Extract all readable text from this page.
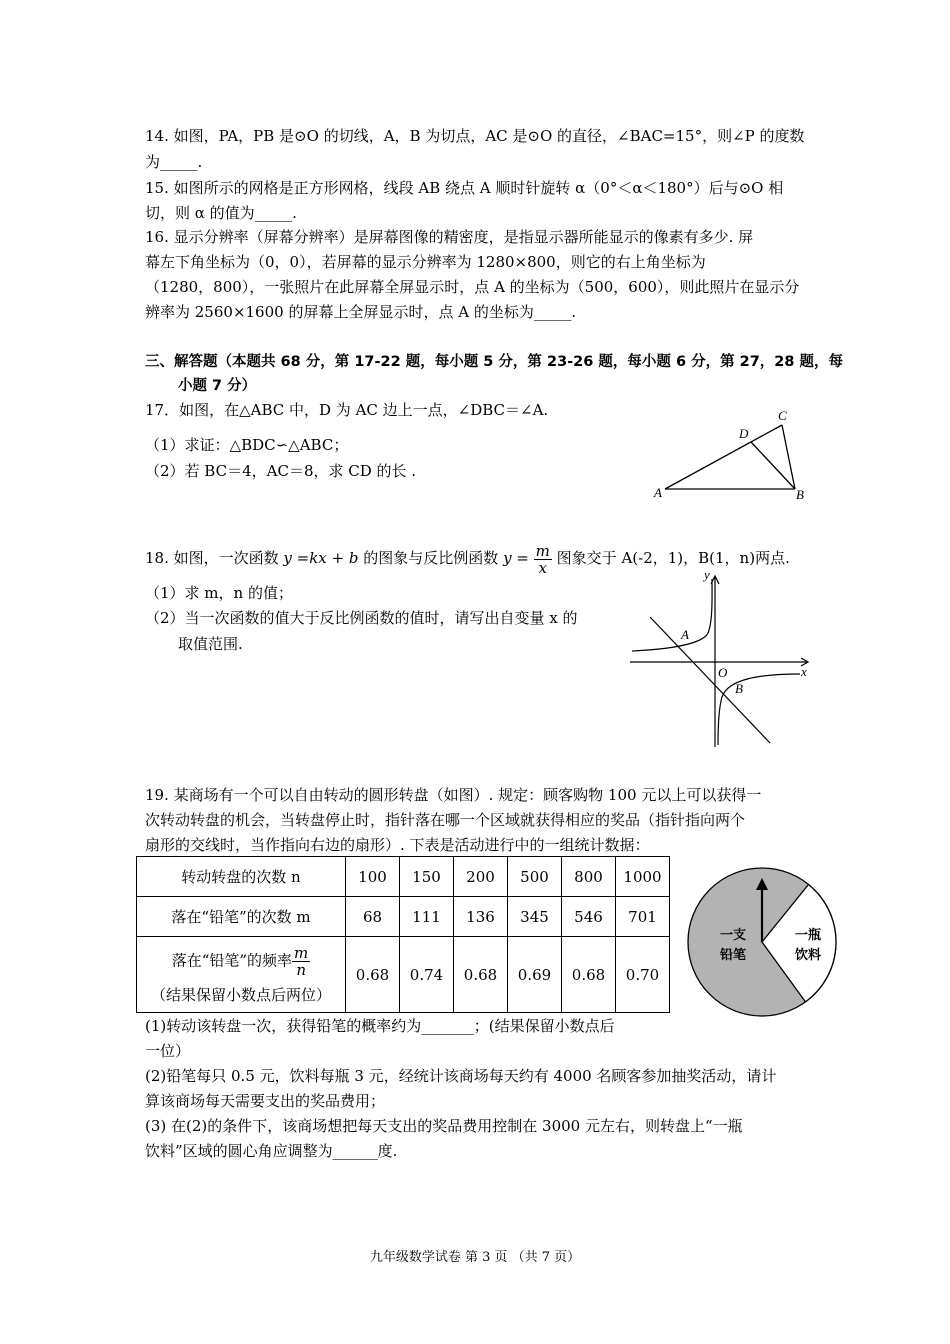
14. 如图，PA，PB 是⊙O 的切线，A，B 为切点，AC 是⊙O 的直径，∠BAC=15°，则∠P 的度数
为_____.
15. 如图所示的网格是正方形网格，线段 AB 绕点 A 顺时针旋转 α（0°＜α＜180°）后与⊙O 相
切，则 α 的值为_____.
16. 显示分辨率（屏幕分辨率）是屏幕图像的精密度，是指显示器所能显示的像素有多少. 屏
幕左下角坐标为（0，0），若屏幕的显示分辨率为 1280×800，则它的右上角坐标为
（1280，800），一张照片在此屏幕全屏显示时，点 A 的坐标为（500，600），则此照片在显示分
辨率为 2560×1600 的屏幕上全屏显示时，点 A 的坐标为_____.
三、解答题（本题共 68 分，第 17-22 题，每小题 5 分，第 23-26 题，每小题 6 分，第 27，28 题，每
小题 7 分）
17．如图，在△ABC 中，D 为 AC 边上一点，∠DBC＝∠A.
（1）求证：△BDC∽△ABC；
（2）若 BC＝4，AC＝8，求 CD 的长 .
A	B
C
D
18. 如图，一次函数 y =kx + b 的图象与反比例函数 $y = \frac{m}{x}$ 图象交于 A(-2，1)，B(1，n)两点.
（1）求 m，n 的值；
（2）当一次函数的值大于反比例函数的值时，请写出自变量 x 的
取值范围.
y
x
O
A
B
19. 某商场有一个可以自由转动的圆形转盘（如图）. 规定：顾客购物 100 元以上可以获得一
次转动转盘的机会，当转盘停止时，指针落在哪一个区域就获得相应的奖品（指针指向两个
扇形的交线时，当作指向右边的扇形）. 下表是活动进行中的一组统计数据：
转动转盘的次数 n	100	150	200	500	800	1000
落在“铅笔”的次数 m	68	111	136	345	546	701

落在“铅笔”的频率 $\frac{m}{n}$
（结果保留小数点后两位）	0.68	0.74	0.68	0.69	0.68	0.70
一支
铅笔
一瓶
饮料
(1)转动该转盘一次，获得铅笔的概率约为_______；(结果保留小数点后
一位）
(2)铅笔每只 0.5 元，饮料每瓶 3 元，经统计该商场每天约有 4000 名顾客参加抽奖活动，请计
算该商场每天需要支出的奖品费用；
(3) 在(2)的条件下，该商场想把每天支出的奖品费用控制在 3000 元左右，则转盘上“一瓶
饮料”区域的圆心角应调整为______度.
九年级数学试卷 第 3 页 （共 7 页）
